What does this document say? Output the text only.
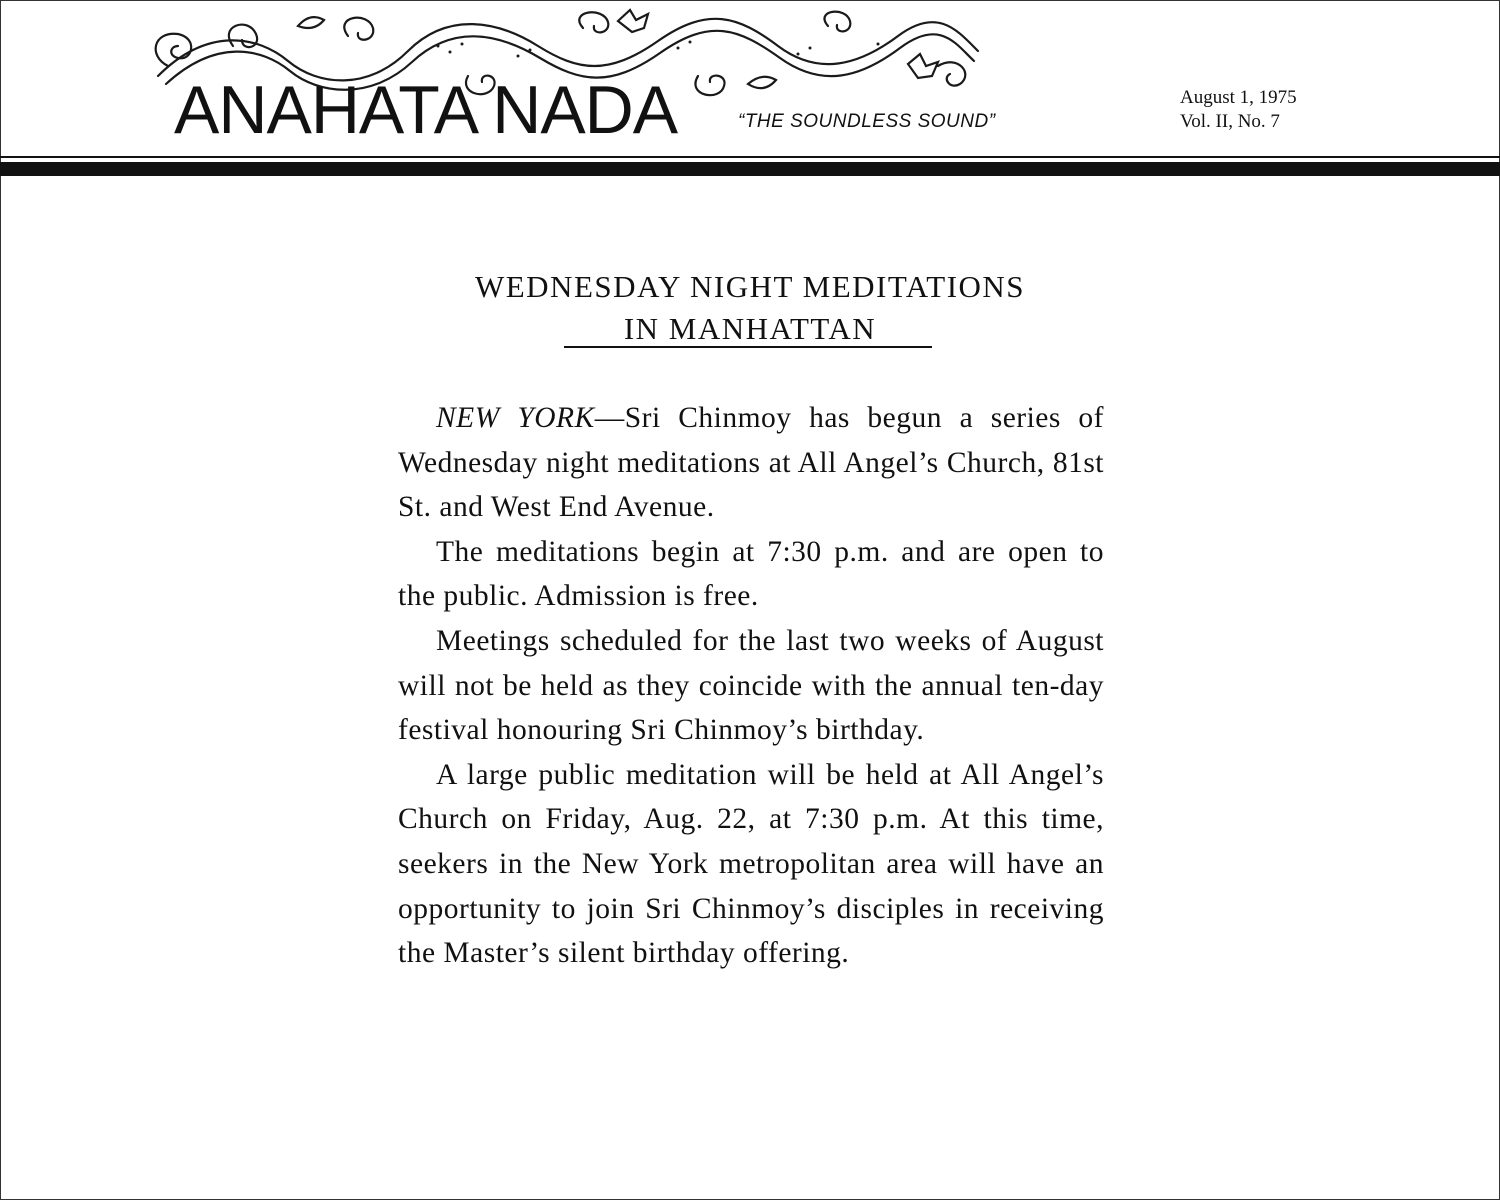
ANAHATA NADA	“THE SOUNDLESS SOUND”
August 1, 1975
Vol. II, No. 7
WEDNESDAY NIGHT MEDITATIONS
IN MANHATTAN

NEW YORK—Sri Chinmoy has begun a series of Wednesday night meditations at All Angel’s Church, 81st St. and West End Avenue.

The meditations begin at 7:30 p.m. and are open to the public. Admission is free.

Meetings scheduled for the last two weeks of August will not be held as they coincide with the annual ten-day festival honouring Sri Chinmoy’s birthday.

A large public meditation will be held at All Angel’s Church on Friday, Aug. 22, at 7:30 p.m. At this time, seekers in the New York metropolitan area will have an opportunity to join Sri Chinmoy’s disciples in receiving the Master’s silent birthday offering.
